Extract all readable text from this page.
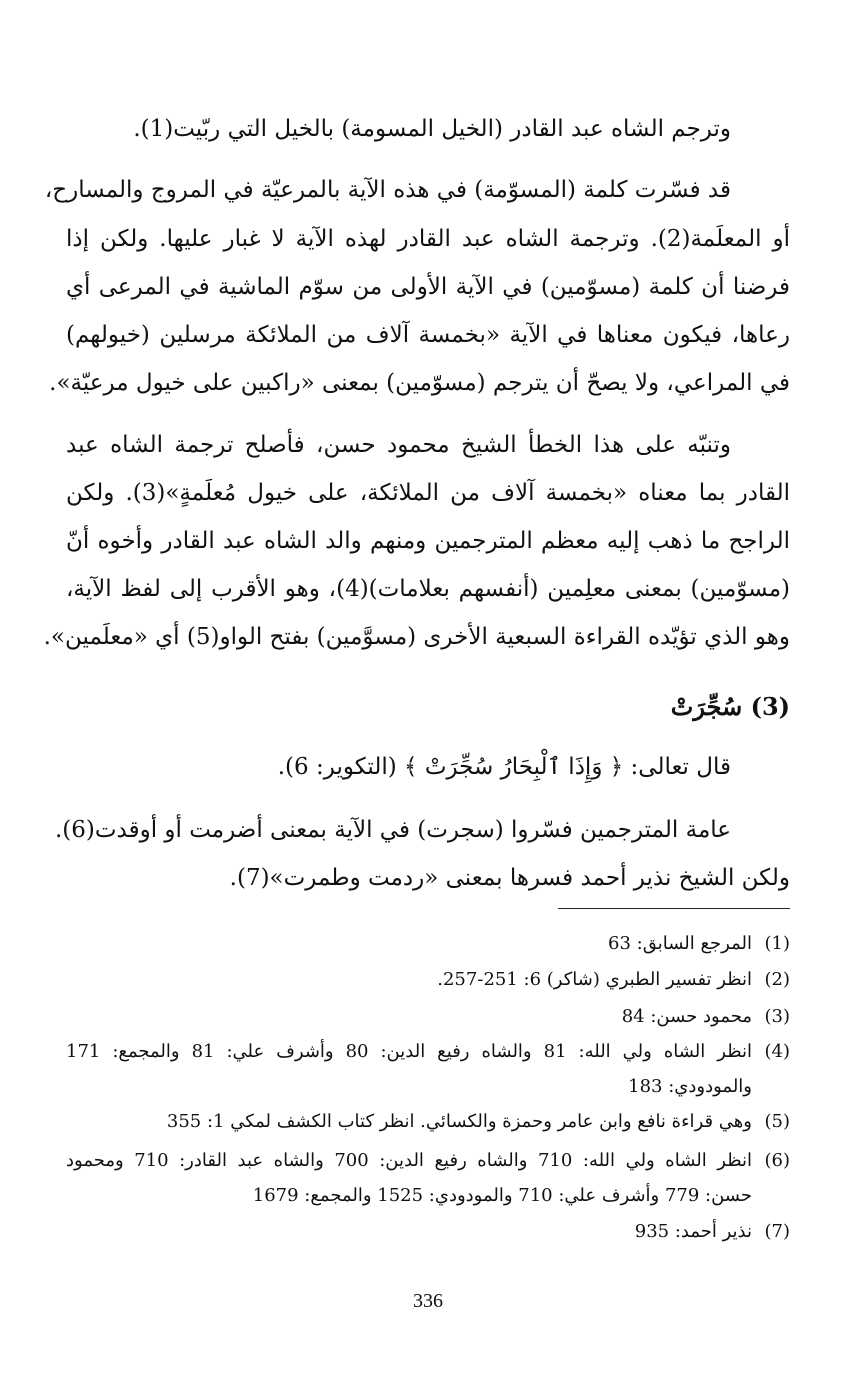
وترجم الشاه عبد القادر (الخيل المسومة) بالخيل التي ربّيت(1).
قد فسّرت كلمة (المسوّمة) في هذه الآية بالمرعيّة في المروج والمسارح،
أو المعلَمة(2). وترجمة الشاه عبد القادر لهذه الآية لا غبار عليها. ولكن إذا
فرضنا أن كلمة (مسوّمين) في الآية الأولى من سوّم الماشية في المرعى أي
رعاها، فيكون معناها في الآية «بخمسة آلاف من الملائكة مرسلين (خيولهم)
في المراعي، ولا يصحّ أن يترجم (مسوّمين) بمعنى «راكبين على خيول مرعيّة».
وتنبّه على هذا الخطأ الشيخ محمود حسن، فأصلح ترجمة الشاه عبد
القادر بما معناه «بخمسة آلاف من الملائكة، على خيول مُعلَمةٍ»(3). ولكن
الراجح ما ذهب إليه معظم المترجمين ومنهم والد الشاه عبد القادر وأخوه أنّ
(مسوّمين) بمعنى معلِمين (أنفسهم بعلامات)(4)، وهو الأقرب إلى لفظ الآية،
وهو الذي تؤيّده القراءة السبعية الأخرى (مسوَّمين) بفتح الواو(5) أي «معلَمين».
(3) سُجِّرَتْ
قال تعالى: ﴿ وَإِذَا ٱلْبِحَارُ سُجِّرَتْ ﴾ (التكوير: 6).
عامة المترجمين فسّروا (سجرت) في الآية بمعنى أضرمت أو أوقدت(6).
ولكن الشيخ نذير أحمد فسرها بمعنى «ردمت وطمرت»(7).
(1)
المرجع السابق: 63
(2)
انظر تفسير الطبري (شاكر) 6: 251-257.
(3)
محمود حسن: 84
(4)
انظر الشاه ولي الله: 81 والشاه رفيع الدين: 80 وأشرف علي: 81 والمجمع: 171
والمودودي: 183
(5)
وهي قراءة نافع وابن عامر وحمزة والكسائي. انظر كتاب الكشف لمكي 1: 355
(6)
انظر الشاه ولي الله: 710 والشاه رفيع الدين: 700 والشاه عبد القادر: 710 ومحمود
حسن: 779 وأشرف علي: 710 والمودودي: 1525 والمجمع: 1679
(7)
نذير أحمد: 935
336
